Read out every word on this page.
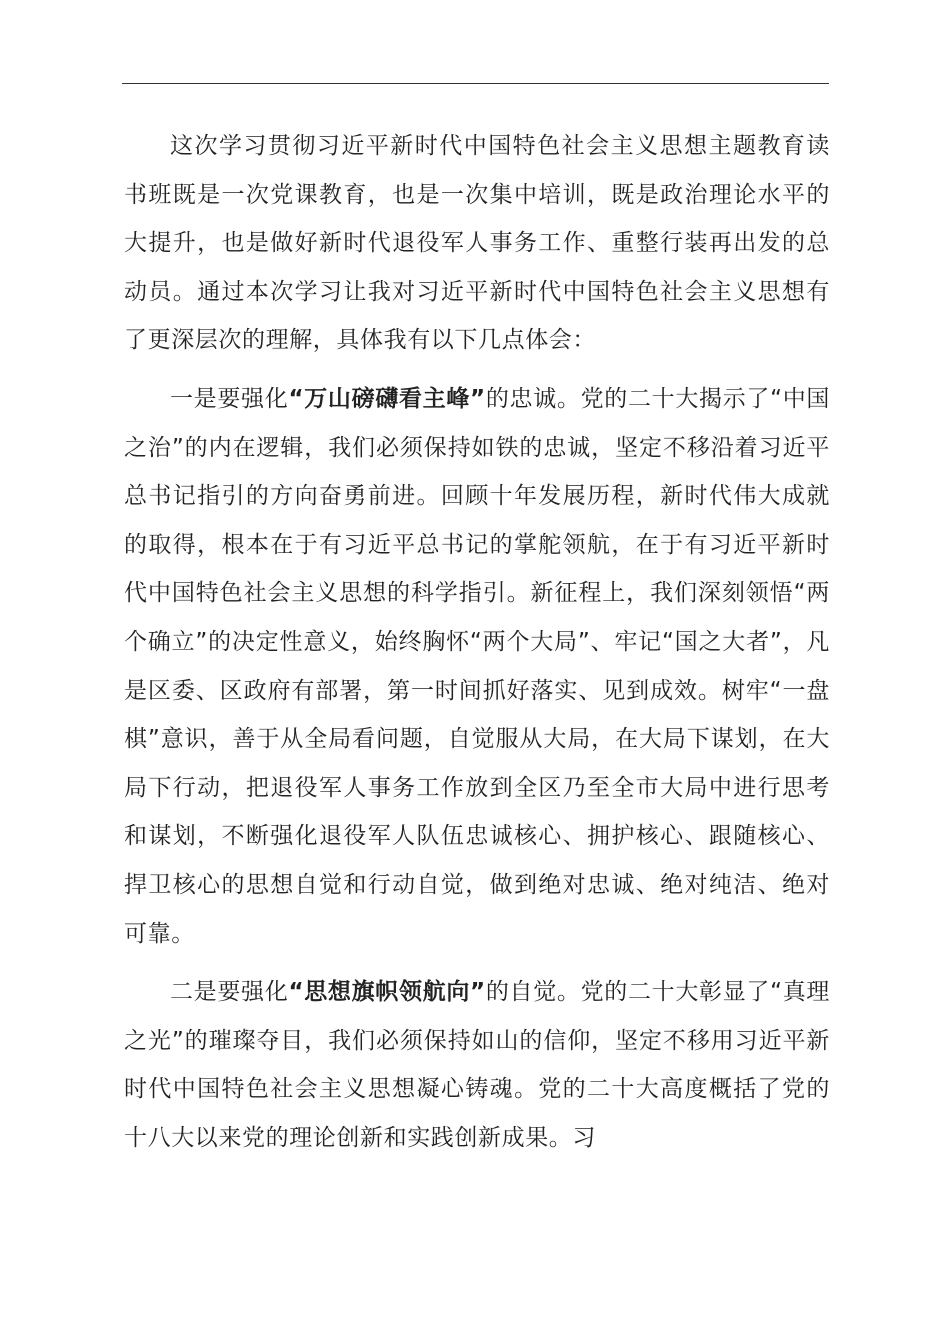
这次学习贯彻习近平新时代中国特色社会主义思想主题教育读书班既是一次党课教育，也是一次集中培训，既是政治理论水平的大提升，也是做好新时代退役军人事务工作、重整行装再出发的总动员。通过本次学习让我对习近平新时代中国特色社会主义思想有了更深层次的理解，具体我有以下几点体会：

一是要强化“万山磅礴看主峰”的忠诚。党的二十大揭示了“中国之治”的内在逻辑，我们必须保持如铁的忠诚，坚定不移沿着习近平总书记指引的方向奋勇前进。回顾十年发展历程，新时代伟大成就的取得，根本在于有习近平总书记的掌舵领航，在于有习近平新时代中国特色社会主义思想的科学指引。新征程上，我们深刻领悟“两个确立”的决定性意义，始终胸怀“两个大局”、牢记“国之大者”，凡是区委、区政府有部署，第一时间抓好落实、见到成效。树牢“一盘棋”意识，善于从全局看问题，自觉服从大局，在大局下谋划，在大局下行动，把退役军人事务工作放到全区乃至全市大局中进行思考和谋划，不断强化退役军人队伍忠诚核心、拥护核心、跟随核心、捍卫核心的思想自觉和行动自觉，做到绝对忠诚、绝对纯洁、绝对可靠。

二是要强化“思想旗帜领航向”的自觉。党的二十大彰显了“真理之光”的璀璨夺目，我们必须保持如山的信仰，坚定不移用习近平新时代中国特色社会主义思想凝心铸魂。党的二十大高度概括了党的十八大以来党的理论创新和实践创新成果。习
